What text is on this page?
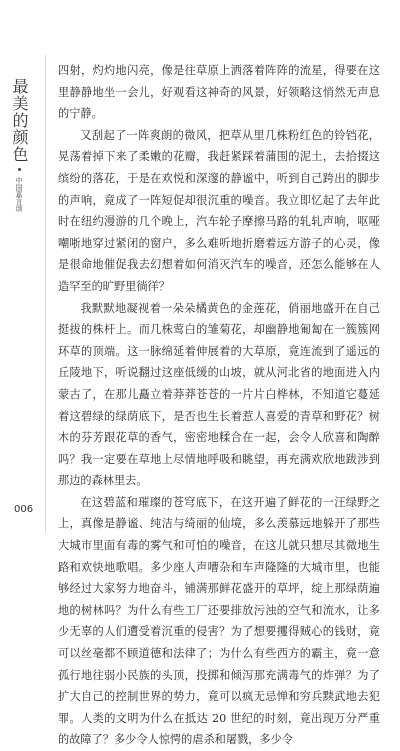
最美的颜色
中国嘉言颂

四射，灼灼地闪亮，像是往草原上洒落着阵阵的流星，得要在这里静静地坐一会儿，好观看这神奇的风景，好领略这悄然无声息的宁静。

又刮起了一阵爽朗的微风，把草从里几株粉红色的铃铛花，晃荡着掉下来了柔嫩的花瓣，我赶紧踩着蒲围的泥土，去拾掇这缤纷的落花，于是在欢悦和深邃的静谧中，听到自己跨出的脚步的声响，竟成了一阵短促却很沉重的噪音。我立即忆起了去年此时在纽约漫游的几个晚上，汽车轮子摩擦马路的轧轧声响，呕哑嘲哳地穿过紧闭的窗户，多么难听地折磨着远方游子的心灵，像是很命地催促我去幻想着如何消灭汽车的噪音，还怎么能够在人造罕至的旷野里徜徉？

我默默地凝视着一朵朵橘黄色的金莲花，俏丽地盛开在自己挺拔的株杆上。而几株莺白的雏菊花，却幽静地匍匐在一簇簇网环草的顶端。这一脉绵延着伸展着的大草原，竟连流到了遥远的丘陵地下，听说翻过这座低缓的山坡，就从河北省的地面进入内蒙古了，在那儿矗立着莽莽苍苍的一片片白桦林，不知道它蔓延着这碧绿的绿荫底下，是否也生长着惹人喜爱的青草和野花？树木的芬芳跟花草的香气，密密地糅合在一起，会令人欣喜和陶醉吗？我一定要在草地上尽情地呼吸和眺望，再充满欢欣地跋涉到那边的森林里去。

在这碧蓝和璀璨的苍穹底下，在这开遍了鲜花的一汪绿野之上，真像是静谧、纯洁与绮丽的仙境，多么羡慕远地躲开了那些大城市里面有毒的雾气和可怕的噪音，在这儿就只想尽其微地生路和欢快地歌唱。多少座人声嘈杂和车声隆隆的大城市里，也能够经过大家努力地奋斗，铺满那鲜花盛开的草坪，绽上那绿荫遍地的树林吗？为什么有些工厂还要排放污浊的空气和流水，让多少无辜的人们遭受着沉重的侵害？为了想要攫得贼心的钱财，竟可以丝毫都不顾道德和法律了；为什么有些西方的霸主，竟一意孤行地往弱小民族的头顶，投掷和倾泻那充满毒气的炸弹？为了扩大自己的控制世界的势力，竟可以疯无忌惮和穷兵黩武地去犯罪。人类的文明为什么在抵达 20 世纪的时刻，竟出现万分严重的故障了？多少令人惊愕的虐杀和屠戮，多少令

006
